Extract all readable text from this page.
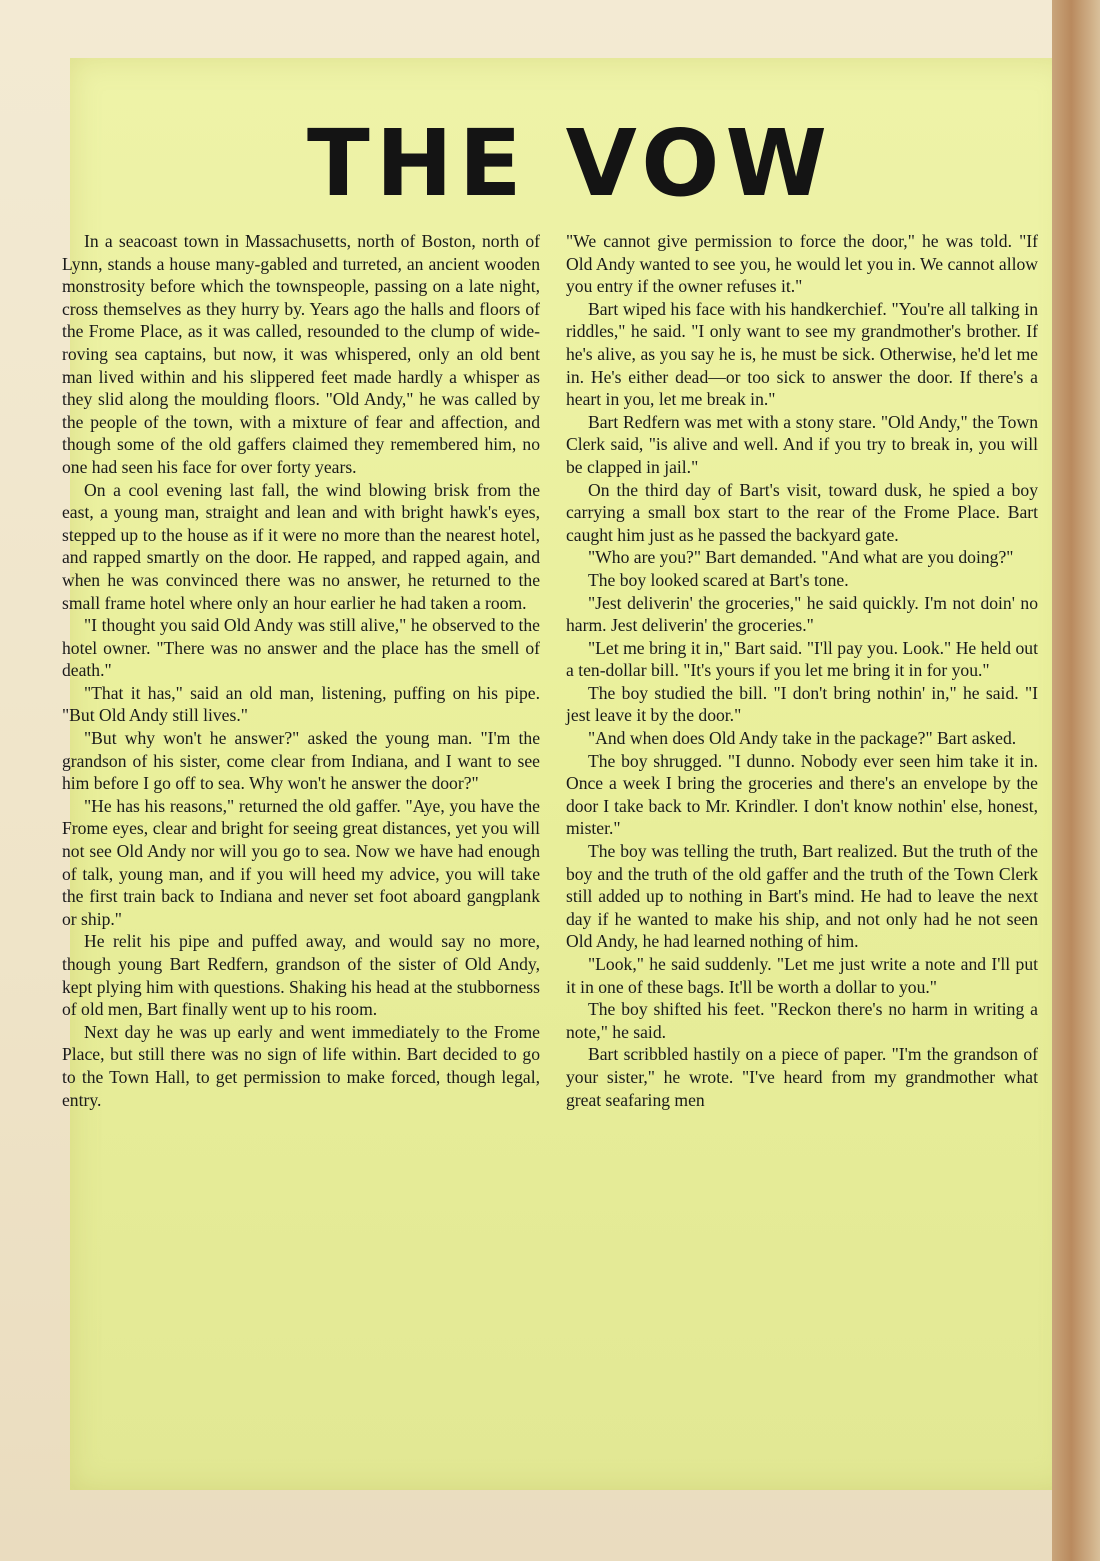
THE VOW

In a seacoast town in Massachusetts, north of Boston, north of Lynn, stands a house many-gabled and turreted, an ancient wooden monstrosity before which the townspeople, passing on a late night, cross themselves as they hurry by. Years ago the halls and floors of the Frome Place, as it was called, resounded to the clump of wide-roving sea captains, but now, it was whispered, only an old bent man lived within and his slippered feet made hardly a whisper as they slid along the moulding floors. "Old Andy," he was called by the people of the town, with a mixture of fear and affection, and though some of the old gaffers claimed they remembered him, no one had seen his face for over forty years.

On a cool evening last fall, the wind blowing brisk from the east, a young man, straight and lean and with bright hawk's eyes, stepped up to the house as if it were no more than the nearest hotel, and rapped smartly on the door. He rapped, and rapped again, and when he was convinced there was no answer, he returned to the small frame hotel where only an hour earlier he had taken a room.

"I thought you said Old Andy was still alive," he observed to the hotel owner. "There was no answer and the place has the smell of death."

"That it has," said an old man, listening, puffing on his pipe. "But Old Andy still lives."

"But why won't he answer?" asked the young man. "I'm the grandson of his sister, come clear from Indiana, and I want to see him before I go off to sea. Why won't he answer the door?"

"He has his reasons," returned the old gaffer. "Aye, you have the Frome eyes, clear and bright for seeing great distances, yet you will not see Old Andy nor will you go to sea. Now we have had enough of talk, young man, and if you will heed my advice, you will take the first train back to Indiana and never set foot aboard gangplank or ship."

He relit his pipe and puffed away, and would say no more, though young Bart Redfern, grandson of the sister of Old Andy, kept plying him with questions. Shaking his head at the stubborness of old men, Bart finally went up to his room.

Next day he was up early and went immediately to the Frome Place, but still there was no sign of life within. Bart decided to go to the Town Hall, to get permission to make forced, though legal, entry.

"We cannot give permission to force the door," he was told. "If Old Andy wanted to see you, he would let you in. We cannot allow you entry if the owner refuses it."

Bart wiped his face with his handkerchief. "You're all talking in riddles," he said. "I only want to see my grandmother's brother. If he's alive, as you say he is, he must be sick. Otherwise, he'd let me in. He's either dead—or too sick to answer the door. If there's a heart in you, let me break in."

Bart Redfern was met with a stony stare. "Old Andy," the Town Clerk said, "is alive and well. And if you try to break in, you will be clapped in jail."

On the third day of Bart's visit, toward dusk, he spied a boy carrying a small box start to the rear of the Frome Place. Bart caught him just as he passed the backyard gate.

"Who are you?" Bart demanded. "And what are you doing?"

The boy looked scared at Bart's tone.

"Jest deliverin' the groceries," he said quickly. I'm not doin' no harm. Jest deliverin' the groceries."

"Let me bring it in," Bart said. "I'll pay you. Look." He held out a ten-dollar bill. "It's yours if you let me bring it in for you."

The boy studied the bill. "I don't bring nothin' in," he said. "I jest leave it by the door."

"And when does Old Andy take in the package?" Bart asked.

The boy shrugged. "I dunno. Nobody ever seen him take it in. Once a week I bring the groceries and there's an envelope by the door I take back to Mr. Krindler. I don't know nothin' else, honest, mister."

The boy was telling the truth, Bart realized. But the truth of the boy and the truth of the old gaffer and the truth of the Town Clerk still added up to nothing in Bart's mind. He had to leave the next day if he wanted to make his ship, and not only had he not seen Old Andy, he had learned nothing of him.

"Look," he said suddenly. "Let me just write a note and I'll put it in one of these bags. It'll be worth a dollar to you."

The boy shifted his feet. "Reckon there's no harm in writing a note," he said.

Bart scribbled hastily on a piece of paper. "I'm the grandson of your sister," he wrote. "I've heard from my grandmother what great seafaring men
